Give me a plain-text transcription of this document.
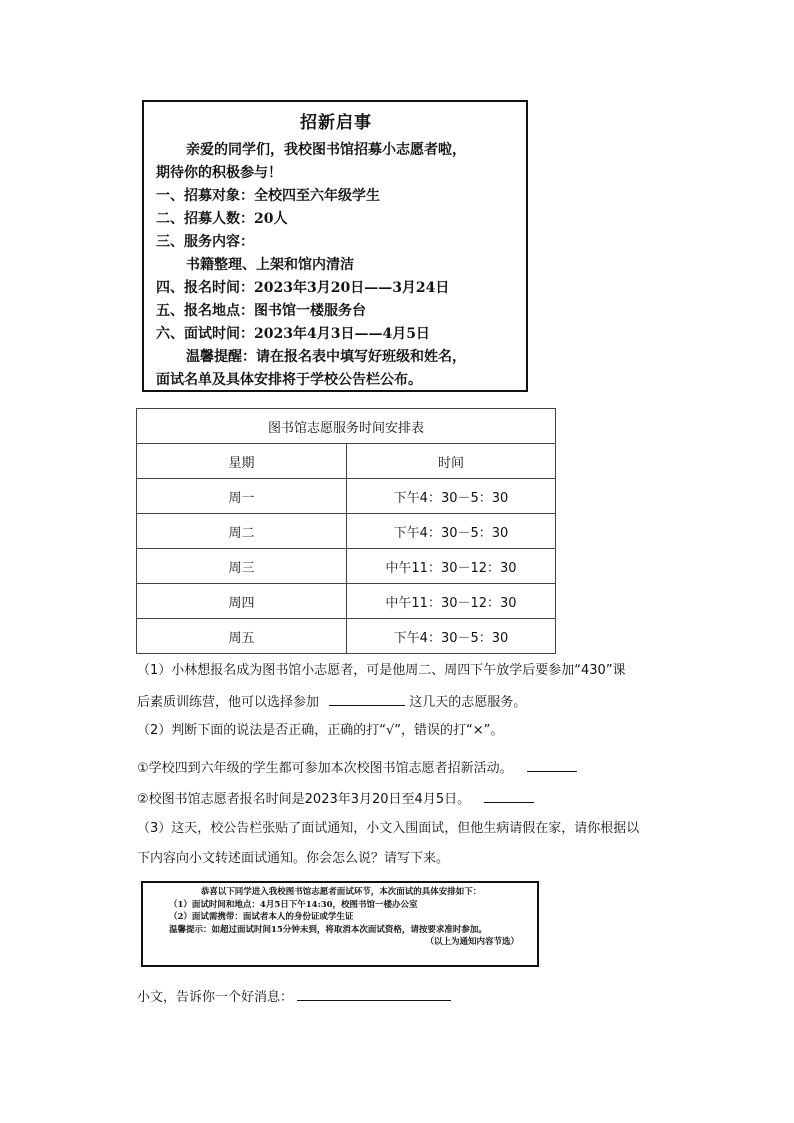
招新启事
亲爱的同学们，我校图书馆招募小志愿者啦，
期待你的积极参与！
一、招募对象：全校四至六年级学生
二、招募人数：20人
三、服务内容：
书籍整理、上架和馆内清洁
四、报名时间：2023年3月20日——3月24日
五、报名地点：图书馆一楼服务台
六、面试时间：2023年4月3日——4月5日
温馨提醒：请在报名表中填写好班级和姓名，
面试名单及具体安排将于学校公告栏公布。
图书馆志愿服务时间安排表	
星期	时间
周一	下午4：30－5：30
周二	下午4：30－5：30
周三	中午11：30－12：30
周四	中午11：30－12：30
周五	下午4：30－5：30
（1）小林想报名成为图书馆小志愿者，可是他周二、周四下午放学后要参加“430”课
后素质训练营，他可以选择参加	这几天的志愿服务。
（2）判断下面的说法是否正确，正确的打“√”，错误的打“×”。
①学校四到六年级的学生都可参加本次校图书馆志愿者招新活动。
②校图书馆志愿者报名时间是2023年3月20日至4月5日。
（3）这天，校公告栏张贴了面试通知，小文入围面试，但他生病请假在家，请你根据以
下内容向小文转述面试通知。你会怎么说？请写下来。
恭喜以下同学进入我校图书馆志愿者面试环节，本次面试的具体安排如下：
（1）面试时间和地点：4月5日下午14:30，校图书馆一楼办公室
（2）面试需携带：面试者本人的身份证或学生证
温馨提示：如超过面试时间15分钟未到，将取消本次面试资格，请按要求准时参加。
（以上为通知内容节选）
小文，告诉你一个好消息：
